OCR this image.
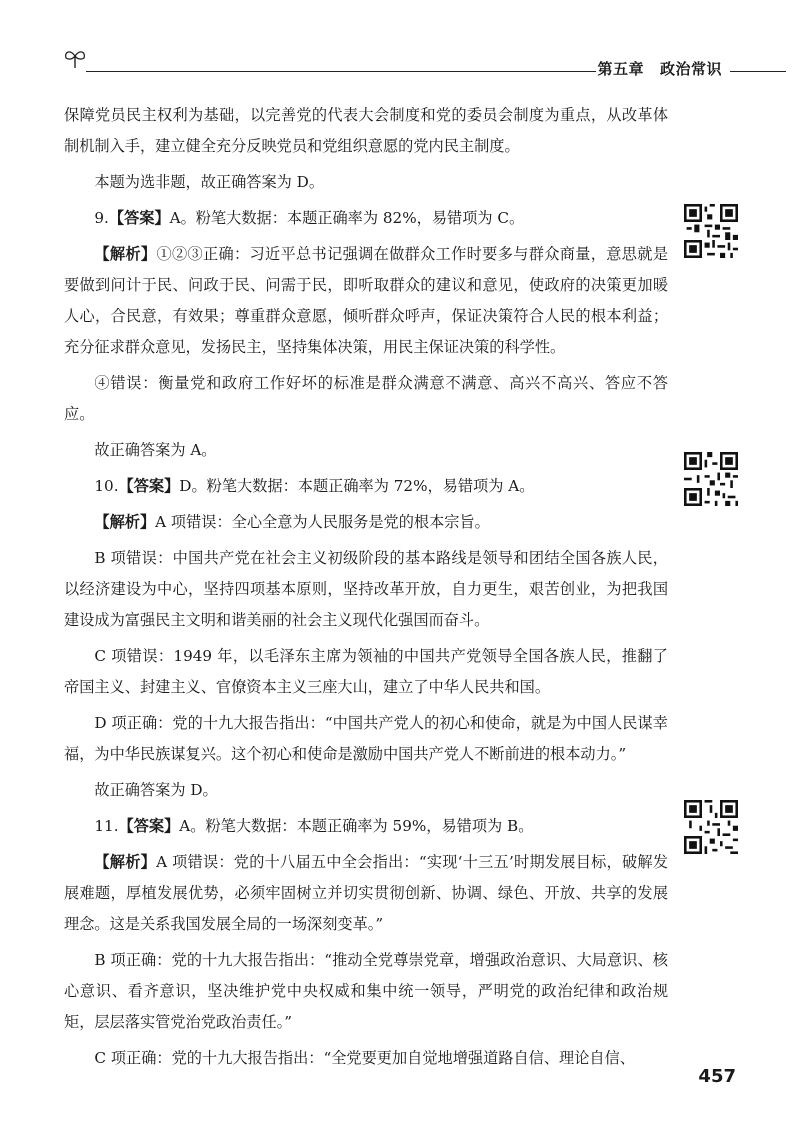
第五章 政治常识

保障党员民主权利为基础，以完善党的代表大会制度和党的委员会制度为重点，从改革体制机制入手，建立健全充分反映党员和党组织意愿的党内民主制度。

本题为选非题，故正确答案为 D。

9.【答案】A。粉笔大数据：本题正确率为 82%，易错项为 C。

【解析】①②③正确：习近平总书记强调在做群众工作时要多与群众商量，意思就是要做到问计于民、问政于民、问需于民，即听取群众的建议和意见，使政府的决策更加暖人心，合民意，有效果；尊重群众意愿，倾听群众呼声，保证决策符合人民的根本利益；充分征求群众意见，发扬民主，坚持集体决策，用民主保证决策的科学性。

④错误：衡量党和政府工作好坏的标准是群众满意不满意、高兴不高兴、答应不答应。

故正确答案为 A。

10.【答案】D。粉笔大数据：本题正确率为 72%，易错项为 A。

【解析】A 项错误：全心全意为人民服务是党的根本宗旨。

B 项错误：中国共产党在社会主义初级阶段的基本路线是领导和团结全国各族人民，以经济建设为中心，坚持四项基本原则，坚持改革开放，自力更生，艰苦创业，为把我国建设成为富强民主文明和谐美丽的社会主义现代化强国而奋斗。

C 项错误：1949 年，以毛泽东主席为领袖的中国共产党领导全国各族人民，推翻了帝国主义、封建主义、官僚资本主义三座大山，建立了中华人民共和国。

D 项正确：党的十九大报告指出：“中国共产党人的初心和使命，就是为中国人民谋幸福，为中华民族谋复兴。这个初心和使命是激励中国共产党人不断前进的根本动力。”

故正确答案为 D。

11.【答案】A。粉笔大数据：本题正确率为 59%，易错项为 B。

【解析】A 项错误：党的十八届五中全会指出：“实现‘十三五’时期发展目标，破解发展难题，厚植发展优势，必须牢固树立并切实贯彻创新、协调、绿色、开放、共享的发展理念。这是关系我国发展全局的一场深刻变革。”

B 项正确：党的十九大报告指出：“推动全党尊崇党章，增强政治意识、大局意识、核心意识、看齐意识，坚决维护党中央权威和集中统一领导，严明党的政治纪律和政治规矩，层层落实管党治党政治责任。”

C 项正确：党的十九大报告指出：“全党要更加自觉地增强道路自信、理论自信、

457
